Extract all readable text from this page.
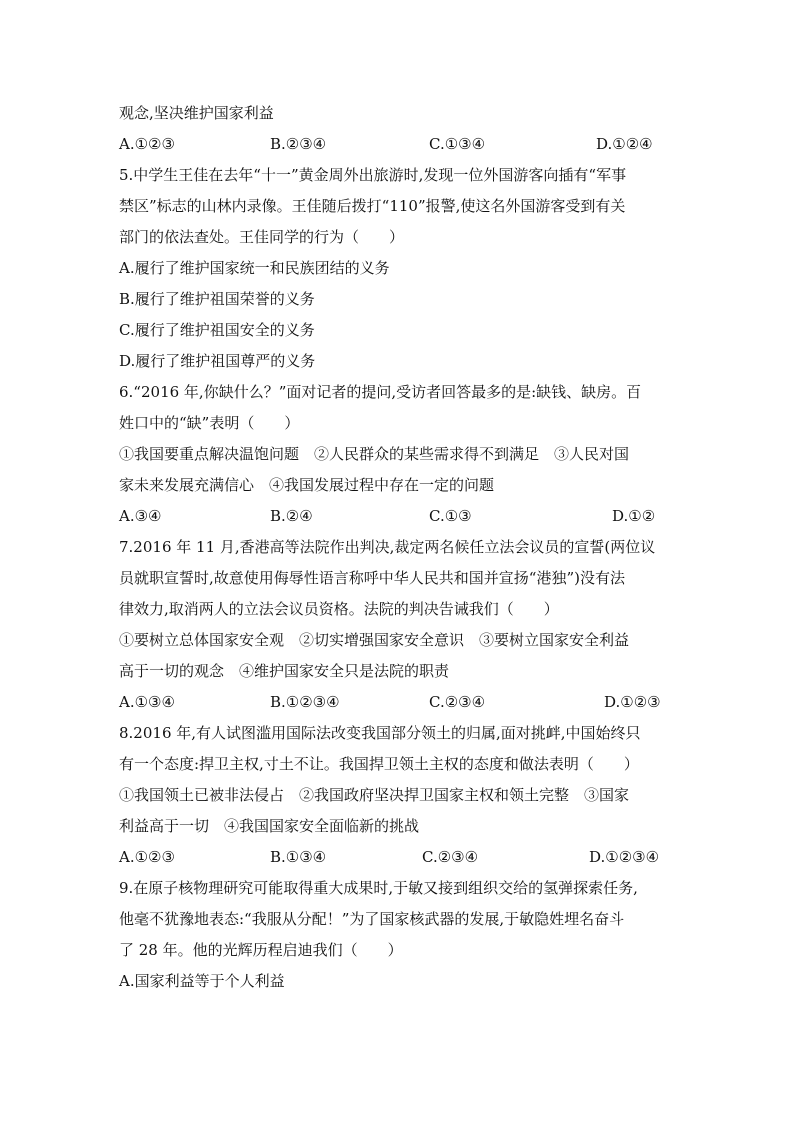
观念,坚决维护国家利益
A.①②③	B.②③④	C.①③④	D.①②④
5.中学生王佳在去年“十一”黄金周外出旅游时,发现一位外国游客向插有“军事
禁区”标志的山林内录像。王佳随后拨打“110”报警,使这名外国游客受到有关
部门的依法查处。王佳同学的行为（　　）
A.履行了维护国家统一和民族团结的义务
B.履行了维护祖国荣誉的义务
C.履行了维护祖国安全的义务
D.履行了维护祖国尊严的义务
6.“2016 年,你缺什么？”面对记者的提问,受访者回答最多的是:缺钱、缺房。百
姓口中的“缺”表明（　　）
①我国要重点解决温饱问题　②人民群众的某些需求得不到满足　③人民对国
家未来发展充满信心　④我国发展过程中存在一定的问题
A.③④	B.②④	C.①③	D.①②
7.2016 年 11 月,香港高等法院作出判决,裁定两名候任立法会议员的宣誓(两位议
员就职宣誓时,故意使用侮辱性语言称呼中华人民共和国并宣扬“港独”)没有法
律效力,取消两人的立法会议员资格。法院的判决告诫我们（　　）
①要树立总体国家安全观　②切实增强国家安全意识　③要树立国家安全利益
高于一切的观念　④维护国家安全只是法院的职责
A.①③④	B.①②③④	C.②③④	D.①②③
8.2016 年,有人试图滥用国际法改变我国部分领土的归属,面对挑衅,中国始终只
有一个态度:捍卫主权,寸土不让。我国捍卫领土主权的态度和做法表明（　　）
①我国领土已被非法侵占　②我国政府坚决捍卫国家主权和领土完整　③国家
利益高于一切　④我国国家安全面临新的挑战
A.①②③	B.①③④	C.②③④	D.①②③④
9.在原子核物理研究可能取得重大成果时,于敏又接到组织交给的氢弹探索任务,
他毫不犹豫地表态:“我服从分配！”为了国家核武器的发展,于敏隐姓埋名奋斗
了 28 年。他的光辉历程启迪我们（　　）
A.国家利益等于个人利益
